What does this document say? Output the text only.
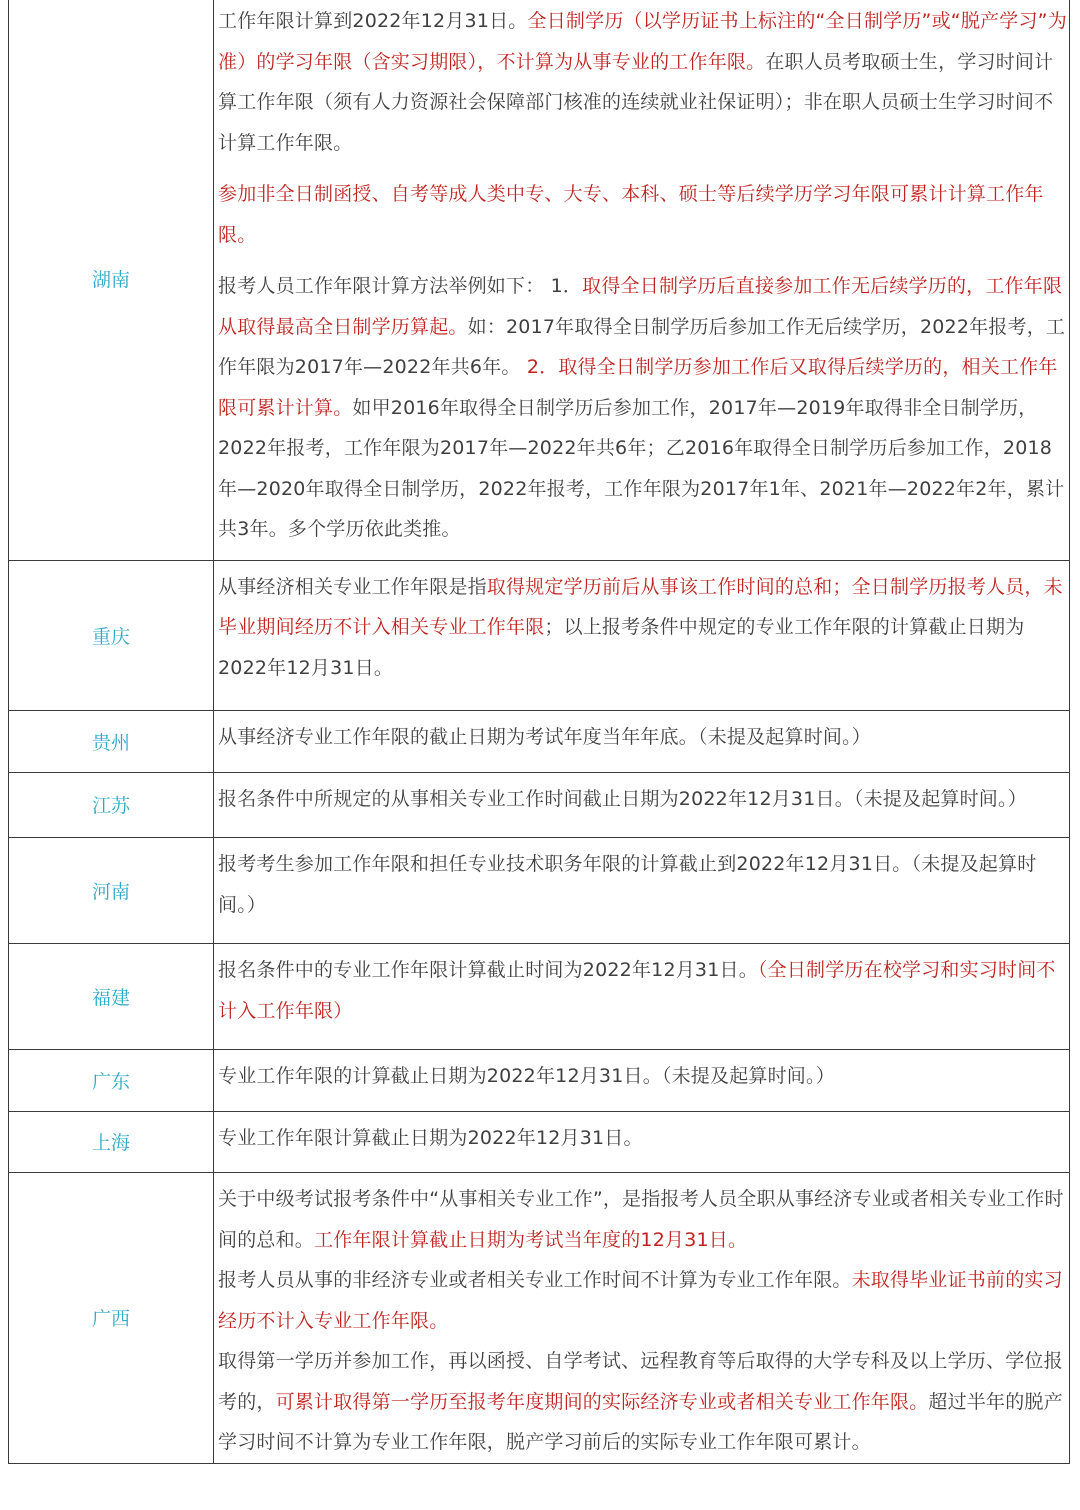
湖南	工作年限计算到2022年12月31日。全日制学历（以学历证书上标注的“全日制学历”或“脱产学习”为准）的学习年限（含实习期限），不计算为从事专业的工作年限。在职人员考取硕士生，学习时间计算工作年限（须有人力资源社会保障部门核准的连续就业社保证明）；非在职人员硕士生学习时间不计算工作年限。

参加非全日制函授、自考等成人类中专、大专、本科、硕士等后续学历学习年限可累计计算工作年限。

报考人员工作年限计算方法举例如下： 1．取得全日制学历后直接参加工作无后续学历的，工作年限从取得最高全日制学历算起。如：2017年取得全日制学历后参加工作无后续学历，2022年报考，工作年限为2017年—2022年共6年。 2．取得全日制学历参加工作后又取得后续学历的，相关工作年限可累计计算。如甲2016年取得全日制学历后参加工作，2017年—2019年取得非全日制学历，2022年报考，工作年限为2017年—2022年共6年；乙2016年取得全日制学历后参加工作，2018年—2020年取得全日制学历，2022年报考，工作年限为2017年1年、2021年—2022年2年，累计共3年。多个学历依此类推。

重庆	从事经济相关专业工作年限是指取得规定学历前后从事该工作时间的总和；全日制学历报考人员，未毕业期间经历不计入相关专业工作年限；以上报考条件中规定的专业工作年限的计算截止日期为2022年12月31日。

贵州	从事经济专业工作年限的截止日期为考试年度当年年底。（未提及起算时间。）

江苏	报名条件中所规定的从事相关专业工作时间截止日期为2022年12月31日。（未提及起算时间。）

河南	报考考生参加工作年限和担任专业技术职务年限的计算截止到2022年12月31日。（未提及起算时间。）

福建	报名条件中的专业工作年限计算截止时间为2022年12月31日。（全日制学历在校学习和实习时间不计入工作年限）

广东	专业工作年限的计算截止日期为2022年12月31日。（未提及起算时间。）

上海	专业工作年限计算截止日期为2022年12月31日。

广西	关于中级考试报考条件中“从事相关专业工作”，是指报考人员全职从事经济专业或者相关专业工作时间的总和。工作年限计算截止日期为考试当年度的12月31日。

报考人员从事的非经济专业或者相关专业工作时间不计算为专业工作年限。未取得毕业证书前的实习经历不计入专业工作年限。

取得第一学历并参加工作，再以函授、自学考试、远程教育等后取得的大学专科及以上学历、学位报考的，可累计取得第一学历至报考年度期间的实际经济专业或者相关专业工作年限。超过半年的脱产学习时间不计算为专业工作年限，脱产学习前后的实际专业工作年限可累计。
